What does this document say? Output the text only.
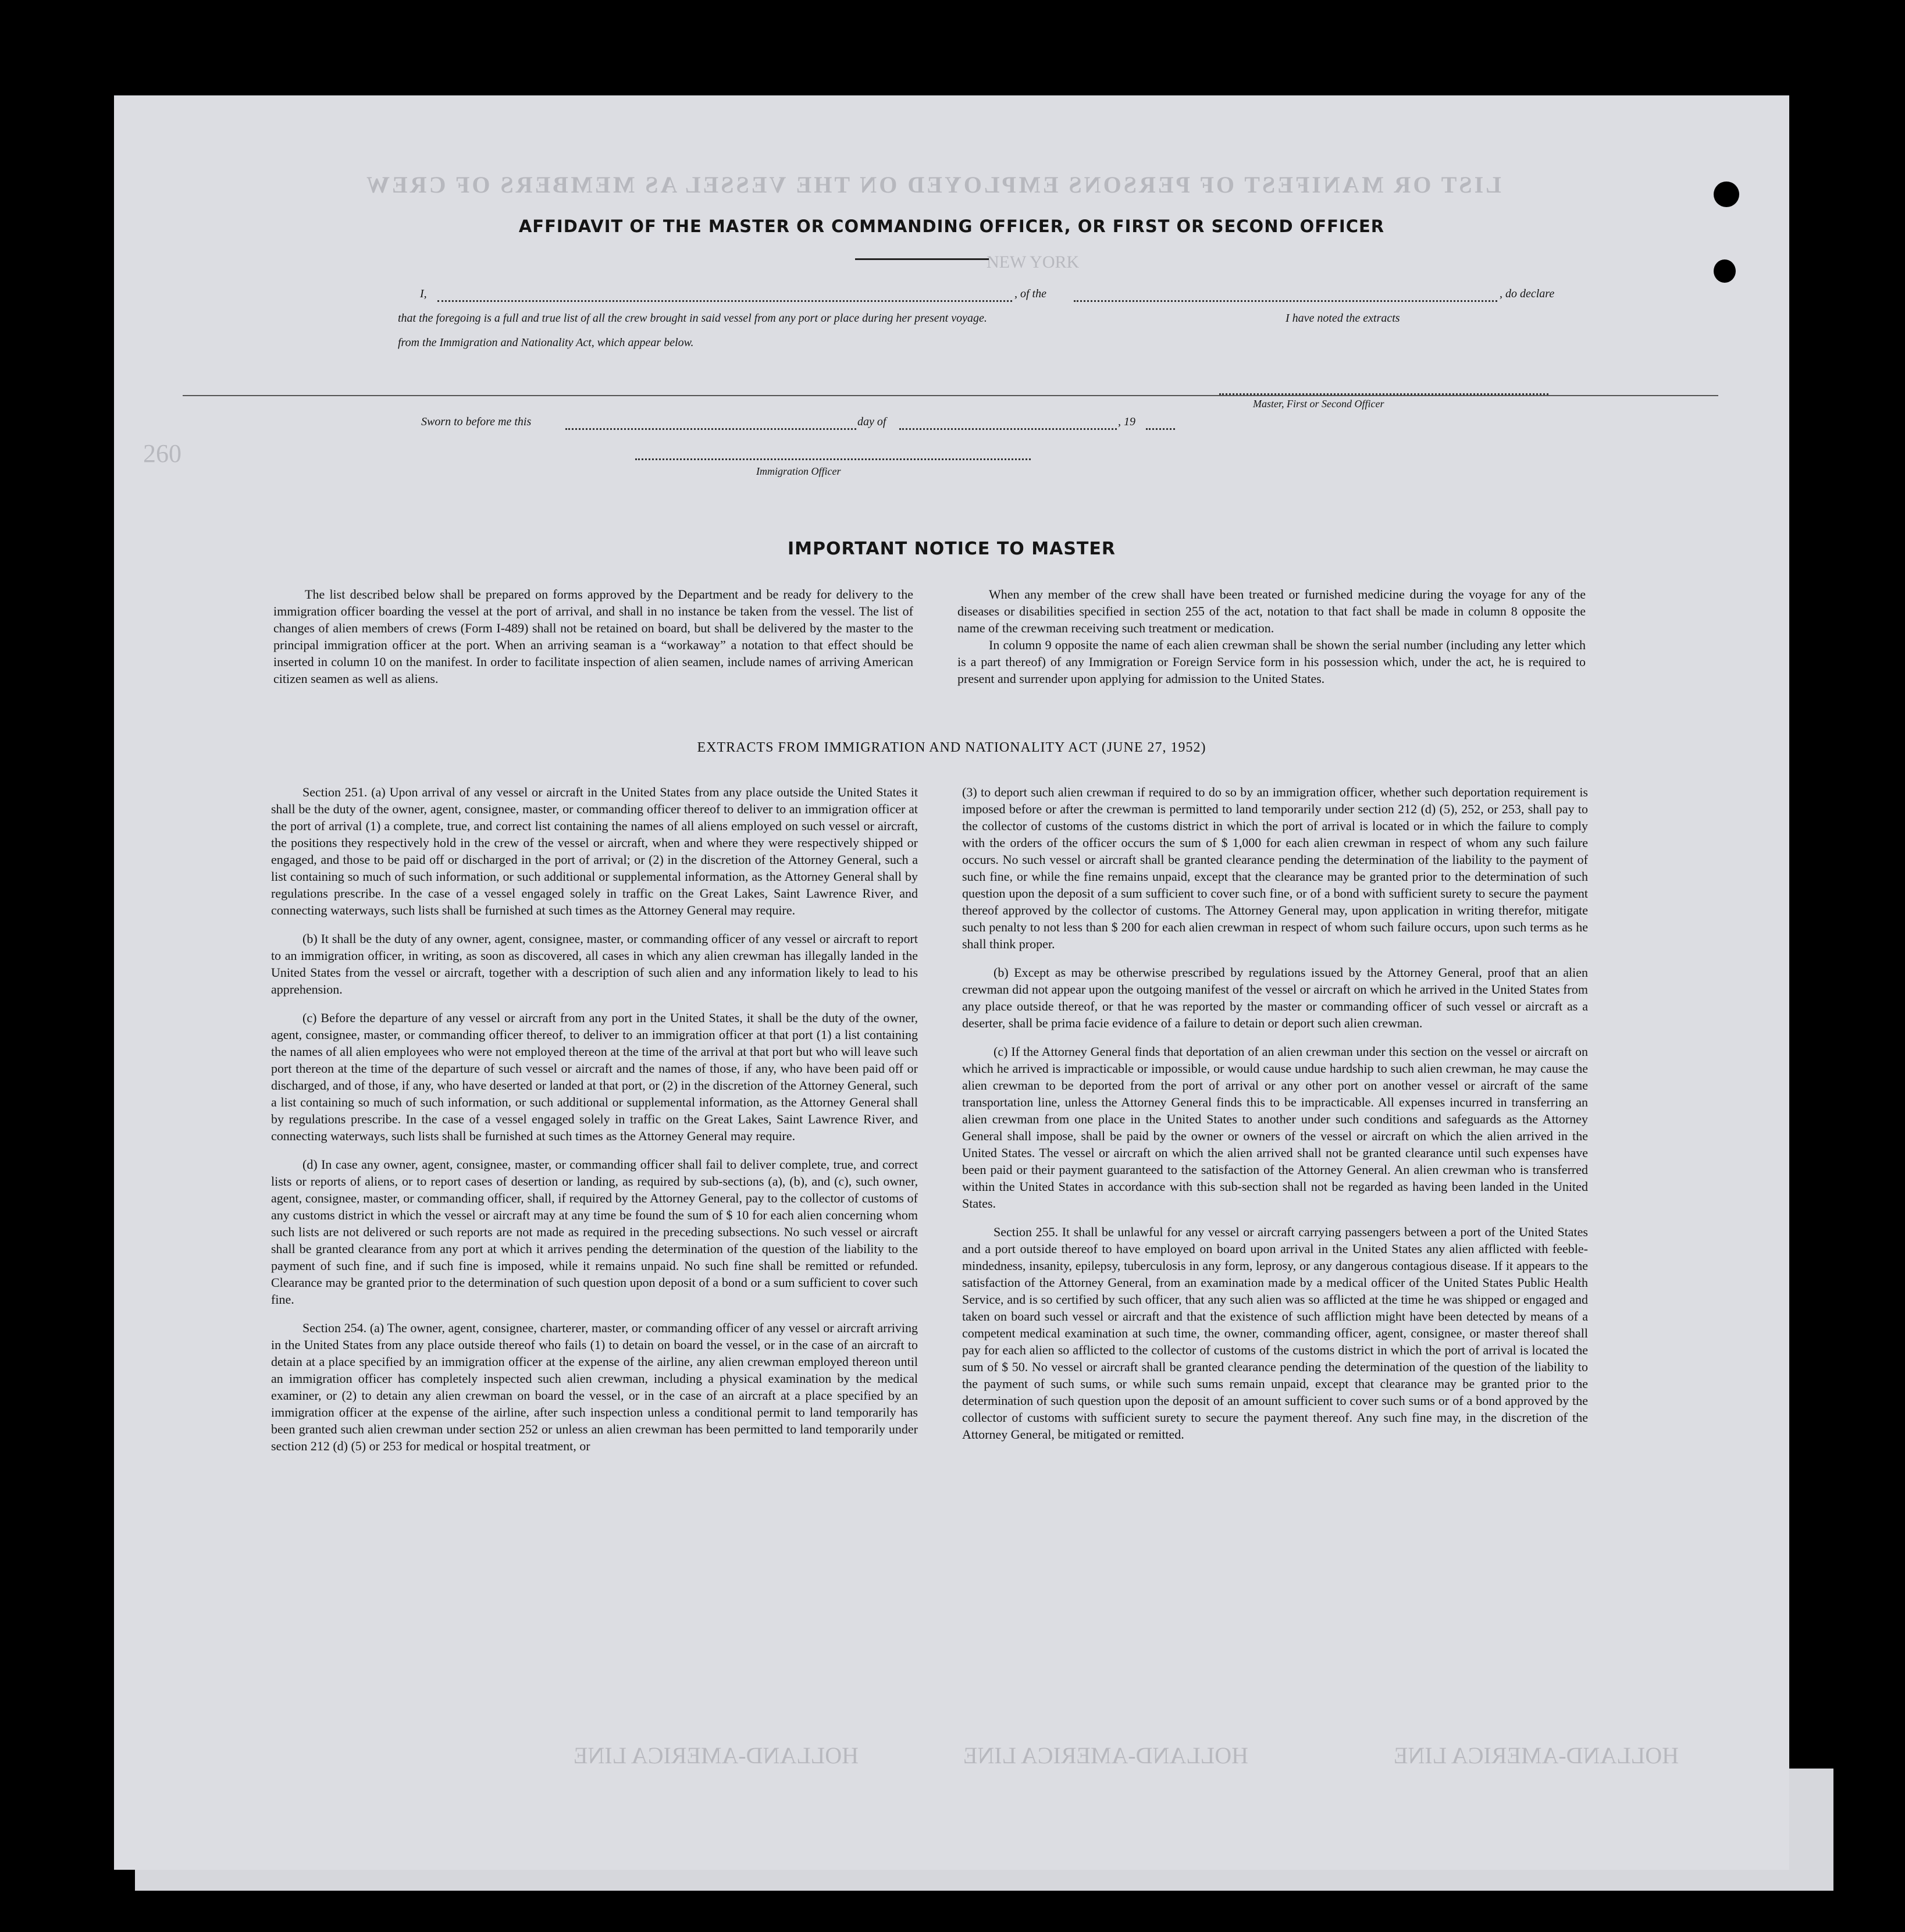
LIST OR MANIFEST OF PERSONS EMPLOYED ON THE VESSEL AS MEMBERS OF CREW
NEW YORK
260
AFFIDAVIT OF THE MASTER OR COMMANDING OFFICER, OR FIRST OR SECOND OFFICER
I,	, of the	, do declare
that the foregoing is a full and true list of all the crew brought in said vessel from any port or place during her present voyage.	I have noted the extracts
from the Immigration and Nationality Act, which appear below.
Master, First or Second Officer
Sworn to before me this	day of	, 19
Immigration Officer
IMPORTANT NOTICE TO MASTER

The list described below shall be prepared on forms approved by the Department and be ready for delivery to the immigration officer boarding the vessel at the port of arrival, and shall in no instance be taken from the vessel. The list of changes of alien members of crews (Form I-489) shall not be retained on board, but shall be delivered by the master to the principal immigration officer at the port. When an arriving seaman is a “workaway” a notation to that effect should be inserted in column 10 on the manifest. In order to facilitate inspection of alien seamen, include names of arriving American citizen seamen as well as aliens.

When any member of the crew shall have been treated or furnished medicine during the voyage for any of the diseases or disabilities specified in section 255 of the act, notation to that fact shall be made in column 8 opposite the name of the crewman receiving such treatment or medication.

In column 9 opposite the name of each alien crewman shall be shown the serial number (including any letter which is a part thereof) of any Immigration or Foreign Service form in his possession which, under the act, he is required to present and surrender upon applying for admission to the United States.

EXTRACTS FROM IMMIGRATION AND NATIONALITY ACT (JUNE 27, 1952)

Section 251. (a) Upon arrival of any vessel or aircraft in the United States from any place outside the United States it shall be the duty of the owner, agent, consignee, master, or commanding officer thereof to deliver to an immigration officer at the port of arrival (1) a complete, true, and correct list containing the names of all aliens employed on such vessel or aircraft, the positions they respectively hold in the crew of the vessel or aircraft, when and where they were respectively shipped or engaged, and those to be paid off or discharged in the port of arrival; or (2) in the discretion of the Attorney General, such a list containing so much of such information, or such additional or supplemental information, as the Attorney General shall by regulations prescribe. In the case of a vessel engaged solely in traffic on the Great Lakes, Saint Lawrence River, and connecting waterways, such lists shall be furnished at such times as the Attorney General may require.

(b) It shall be the duty of any owner, agent, consignee, master, or commanding officer of any vessel or aircraft to report to an immigration officer, in writing, as soon as discovered, all cases in which any alien crewman has illegally landed in the United States from the vessel or aircraft, together with a description of such alien and any information likely to lead to his apprehension.

(c) Before the departure of any vessel or aircraft from any port in the United States, it shall be the duty of the owner, agent, consignee, master, or commanding officer thereof, to deliver to an immigration officer at that port (1) a list containing the names of all alien employees who were not employed thereon at the time of the arrival at that port but who will leave such port thereon at the time of the departure of such vessel or aircraft and the names of those, if any, who have been paid off or discharged, and of those, if any, who have deserted or landed at that port, or (2) in the discretion of the Attorney General, such a list containing so much of such information, or such additional or supplemental information, as the Attorney General shall by regulations prescribe. In the case of a vessel engaged solely in traffic on the Great Lakes, Saint Lawrence River, and connecting waterways, such lists shall be furnished at such times as the Attorney General may require.

(d) In case any owner, agent, consignee, master, or commanding officer shall fail to deliver complete, true, and correct lists or reports of aliens, or to report cases of desertion or landing, as required by sub-sections (a), (b), and (c), such owner, agent, consignee, master, or commanding officer, shall, if required by the Attorney General, pay to the collector of customs of any customs district in which the vessel or aircraft may at any time be found the sum of $ 10 for each alien concerning whom such lists are not delivered or such reports are not made as required in the preceding subsections. No such vessel or aircraft shall be granted clearance from any port at which it arrives pending the determination of the question of the liability to the payment of such fine, and if such fine is imposed, while it remains unpaid. No such fine shall be remitted or refunded. Clearance may be granted prior to the determination of such question upon deposit of a bond or a sum sufficient to cover such fine.

Section 254. (a) The owner, agent, consignee, charterer, master, or commanding officer of any vessel or aircraft arriving in the United States from any place outside thereof who fails (1) to detain on board the vessel, or in the case of an aircraft to detain at a place specified by an immigration officer at the expense of the airline, any alien crewman employed thereon until an immigration officer has completely inspected such alien crewman, including a physical examination by the medical examiner, or (2) to detain any alien crewman on board the vessel, or in the case of an aircraft at a place specified by an immigration officer at the expense of the airline, after such inspection unless a conditional permit to land temporarily has been granted such alien crewman under section 252 or unless an alien crewman has been permitted to land temporarily under section 212 (d) (5) or 253 for medical or hospital treatment, or

(3) to deport such alien crewman if required to do so by an immigration officer, whether such deportation requirement is imposed before or after the crewman is permitted to land temporarily under section 212 (d) (5), 252, or 253, shall pay to the collector of customs of the customs district in which the port of arrival is located or in which the failure to comply with the orders of the officer occurs the sum of $ 1,000 for each alien crewman in respect of whom any such failure occurs. No such vessel or aircraft shall be granted clearance pending the determination of the liability to the payment of such fine, or while the fine remains unpaid, except that the clearance may be granted prior to the determination of such question upon the deposit of a sum sufficient to cover such fine, or of a bond with sufficient surety to secure the payment thereof approved by the collector of customs. The Attorney General may, upon application in writing therefor, mitigate such penalty to not less than $ 200 for each alien crewman in respect of whom such failure occurs, upon such terms as he shall think proper.

(b) Except as may be otherwise prescribed by regulations issued by the Attorney General, proof that an alien crewman did not appear upon the outgoing manifest of the vessel or aircraft on which he arrived in the United States from any place outside thereof, or that he was reported by the master or commanding officer of such vessel or aircraft as a deserter, shall be prima facie evidence of a failure to detain or deport such alien crewman.

(c) If the Attorney General finds that deportation of an alien crewman under this section on the vessel or aircraft on which he arrived is impracticable or impossible, or would cause undue hardship to such alien crewman, he may cause the alien crewman to be deported from the port of arrival or any other port on another vessel or aircraft of the same transportation line, unless the Attorney General finds this to be impracticable. All expenses incurred in transferring an alien crewman from one place in the United States to another under such conditions and safeguards as the Attorney General shall impose, shall be paid by the owner or owners of the vessel or aircraft on which the alien arrived in the United States. The vessel or aircraft on which the alien arrived shall not be granted clearance until such expenses have been paid or their payment guaranteed to the satisfaction of the Attorney General. An alien crewman who is transferred within the United States in accordance with this sub-section shall not be regarded as having been landed in the United States.

Section 255. It shall be unlawful for any vessel or aircraft carrying passengers between a port of the United States and a port outside thereof to have employed on board upon arrival in the United States any alien afflicted with feeble-mindedness, insanity, epilepsy, tuberculosis in any form, leprosy, or any dangerous contagious disease. If it appears to the satisfaction of the Attorney General, from an examination made by a medical officer of the United States Public Health Service, and is so certified by such officer, that any such alien was so afflicted at the time he was shipped or engaged and taken on board such vessel or aircraft and that the existence of such affliction might have been detected by means of a competent medical examination at such time, the owner, commanding officer, agent, consignee, or master thereof shall pay for each alien so afflicted to the collector of customs of the customs district in which the port of arrival is located the sum of $ 50. No vessel or aircraft shall be granted clearance pending the determination of the question of the liability to the payment of such sums, or while such sums remain unpaid, except that clearance may be granted prior to the determination of such question upon the deposit of an amount sufficient to cover such sums or of a bond approved by the collector of customs with sufficient surety to secure the payment thereof. Any such fine may, in the discretion of the Attorney General, be mitigated or remitted.

HOLLAND-AMERICA LINE	HOLLAND-AMERICA LINE	HOLLAND-AMERICA LINE
